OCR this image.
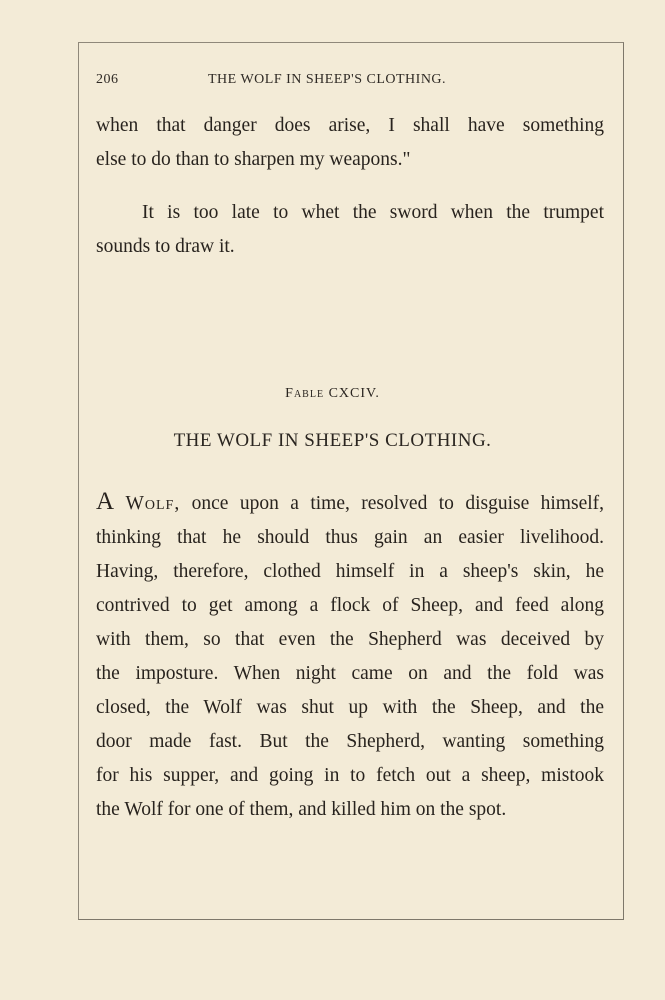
206	THE WOLF IN SHEEP'S CLOTHING.
when that danger does arise, I shall have something
else to do than to sharpen my weapons."
It is too late to whet the sword when the trumpet
sounds to draw it.
Fable CXCIV.
THE WOLF IN SHEEP'S CLOTHING.
A Wolf, once upon a time, resolved to disguise himself,
thinking that he should thus gain an easier livelihood.
Having, therefore, clothed himself in a sheep's skin, he
contrived to get among a flock of Sheep, and feed along
with them, so that even the Shepherd was deceived by
the imposture. When night came on and the fold was
closed, the Wolf was shut up with the Sheep, and the
door made fast. But the Shepherd, wanting something
for his supper, and going in to fetch out a sheep, mistook
the Wolf for one of them, and killed him on the spot.
